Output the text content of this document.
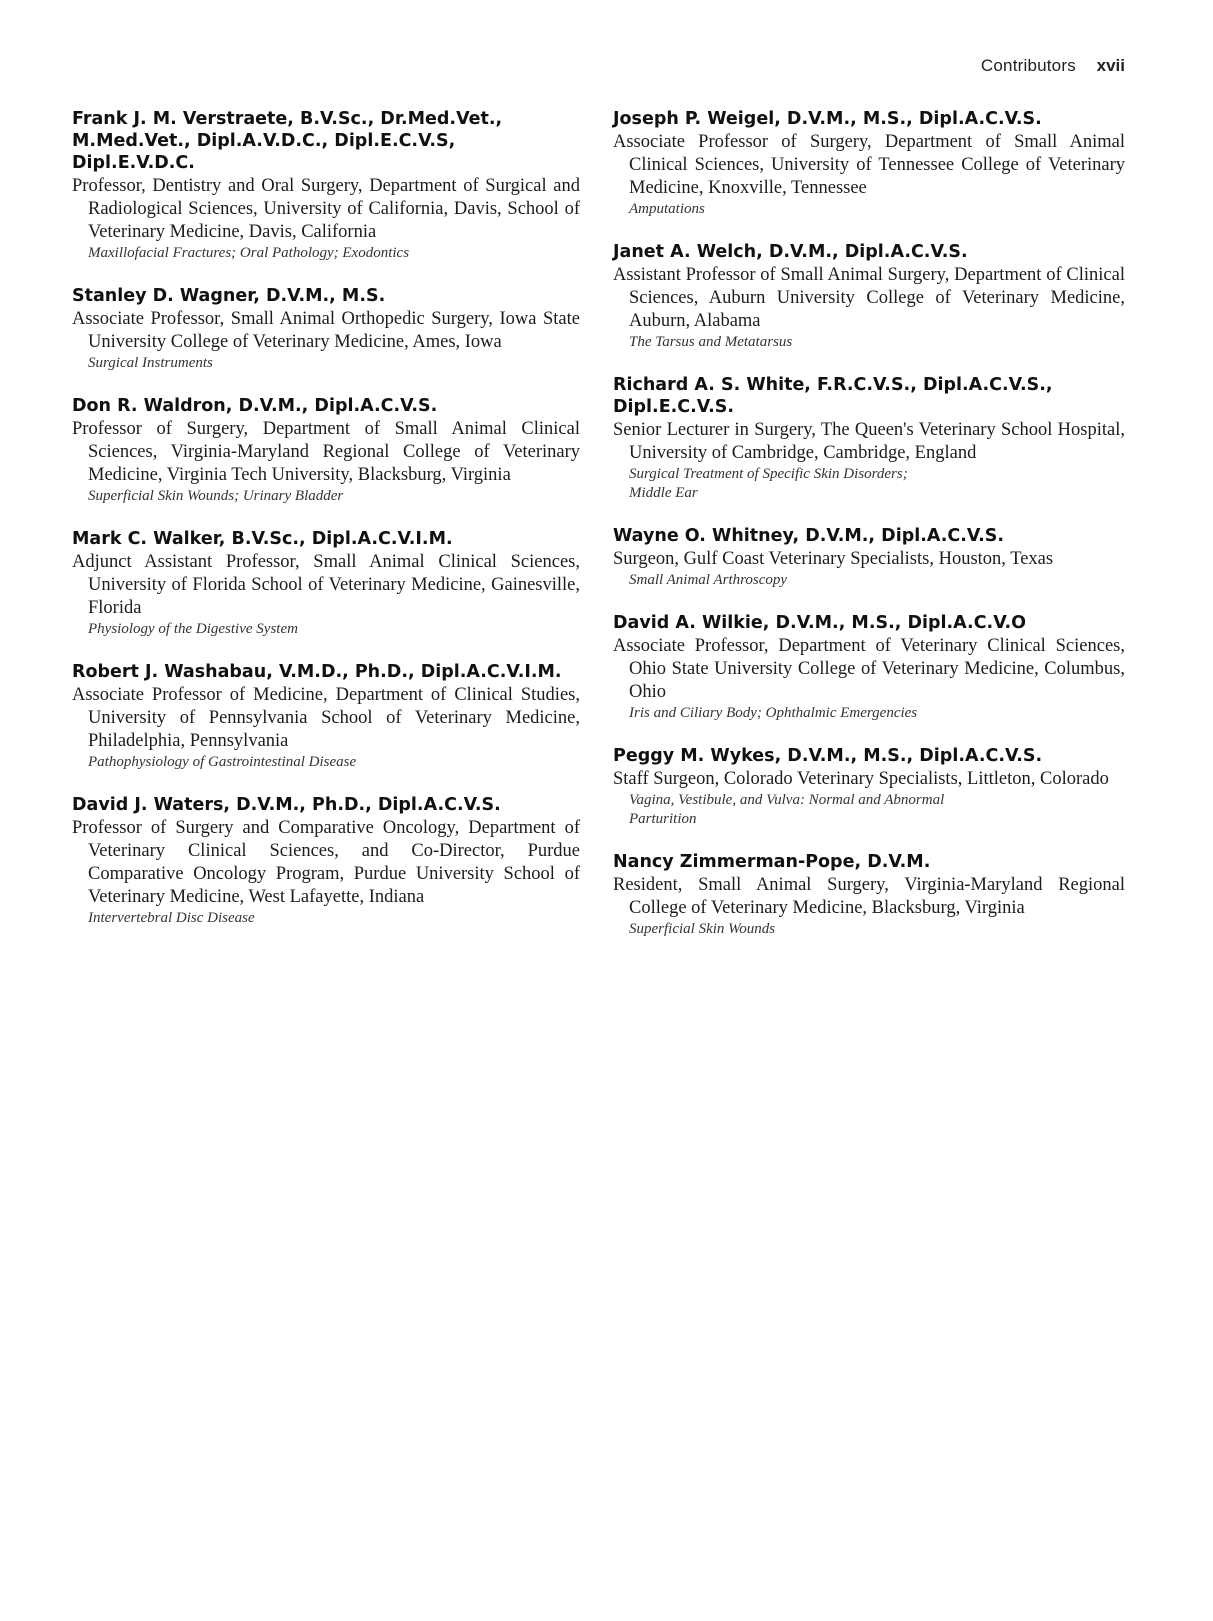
Contributors xvii
Frank J. M. Verstraete, B.V.Sc., Dr.Med.Vet., M.Med.Vet., Dipl.A.V.D.C., Dipl.E.C.V.S, Dipl.E.V.D.C.
Professor, Dentistry and Oral Surgery, Department of Surgical and Radiological Sciences, University of California, Davis, School of Veterinary Medicine, Davis, California
Maxillofacial Fractures; Oral Pathology; Exodontics
Stanley D. Wagner, D.V.M., M.S.
Associate Professor, Small Animal Orthopedic Surgery, Iowa State University College of Veterinary Medicine, Ames, Iowa
Surgical Instruments
Don R. Waldron, D.V.M., Dipl.A.C.V.S.
Professor of Surgery, Department of Small Animal Clinical Sciences, Virginia-Maryland Regional College of Veterinary Medicine, Virginia Tech University, Blacksburg, Virginia
Superficial Skin Wounds; Urinary Bladder
Mark C. Walker, B.V.Sc., Dipl.A.C.V.I.M.
Adjunct Assistant Professor, Small Animal Clinical Sciences, University of Florida School of Veterinary Medicine, Gainesville, Florida
Physiology of the Digestive System
Robert J. Washabau, V.M.D., Ph.D., Dipl.A.C.V.I.M.
Associate Professor of Medicine, Department of Clinical Studies, University of Pennsylvania School of Veterinary Medicine, Philadelphia, Pennsylvania
Pathophysiology of Gastrointestinal Disease
David J. Waters, D.V.M., Ph.D., Dipl.A.C.V.S.
Professor of Surgery and Comparative Oncology, Department of Veterinary Clinical Sciences, and Co-Director, Purdue Comparative Oncology Program, Purdue University School of Veterinary Medicine, West Lafayette, Indiana
Intervertebral Disc Disease
Joseph P. Weigel, D.V.M., M.S., Dipl.A.C.V.S.
Associate Professor of Surgery, Department of Small Animal Clinical Sciences, University of Tennessee College of Veterinary Medicine, Knoxville, Tennessee
Amputations
Janet A. Welch, D.V.M., Dipl.A.C.V.S.
Assistant Professor of Small Animal Surgery, Department of Clinical Sciences, Auburn University College of Veterinary Medicine, Auburn, Alabama
The Tarsus and Metatarsus
Richard A. S. White, F.R.C.V.S., Dipl.A.C.V.S., Dipl.E.C.V.S.
Senior Lecturer in Surgery, The Queen's Veterinary School Hospital, University of Cambridge, Cambridge, England
Surgical Treatment of Specific Skin Disorders;
Middle Ear
Wayne O. Whitney, D.V.M., Dipl.A.C.V.S.
Surgeon, Gulf Coast Veterinary Specialists, Houston, Texas
Small Animal Arthroscopy
David A. Wilkie, D.V.M., M.S., Dipl.A.C.V.O
Associate Professor, Department of Veterinary Clinical Sciences, Ohio State University College of Veterinary Medicine, Columbus, Ohio
Iris and Ciliary Body; Ophthalmic Emergencies
Peggy M. Wykes, D.V.M., M.S., Dipl.A.C.V.S.
Staff Surgeon, Colorado Veterinary Specialists, Littleton, Colorado
Vagina, Vestibule, and Vulva: Normal and Abnormal
Parturition
Nancy Zimmerman-Pope, D.V.M.
Resident, Small Animal Surgery, Virginia-Maryland Regional College of Veterinary Medicine, Blacksburg, Virginia
Superficial Skin Wounds
